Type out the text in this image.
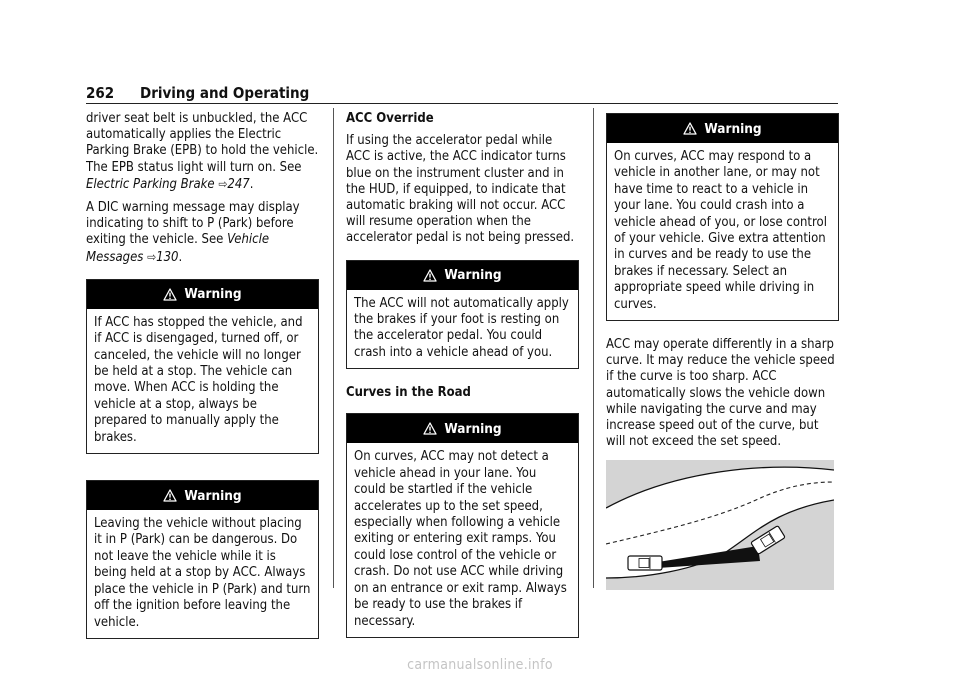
262 Driving and Operating

driver seat belt is unbuckled, the ACC automatically applies the Electric Parking Brake (EPB) to hold the vehicle. The EPB status light will turn on. See Electric Parking Brake ⇨247.

A DIC warning message may display indicating to shift to P (Park) before exiting the vehicle. See Vehicle Messages ⇨130.

Warning
If ACC has stopped the vehicle, and if ACC is disengaged, turned off, or canceled, the vehicle will no longer be held at a stop. The vehicle can move. When ACC is holding the vehicle at a stop, always be prepared to manually apply the brakes.
Warning
Leaving the vehicle without placing it in P (Park) can be dangerous. Do not leave the vehicle while it is being held at a stop by ACC. Always place the vehicle in P (Park) and turn off the ignition before leaving the vehicle.

ACC Override

If using the accelerator pedal while ACC is active, the ACC indicator turns blue on the instrument cluster and in the HUD, if equipped, to indicate that automatic braking will not occur. ACC will resume operation when the accelerator pedal is not being pressed.

Warning
The ACC will not automatically apply the brakes if your foot is resting on the accelerator pedal. You could crash into a vehicle ahead of you.

Curves in the Road

Warning
On curves, ACC may not detect a vehicle ahead in your lane. You could be startled if the vehicle accelerates up to the set speed, especially when following a vehicle exiting or entering exit ramps. You could lose control of the vehicle or crash. Do not use ACC while driving on an entrance or exit ramp. Always be ready to use the brakes if necessary.
Warning
On curves, ACC may respond to a vehicle in another lane, or may not have time to react to a vehicle in your lane. You could crash into a vehicle ahead of you, or lose control of your vehicle. Give extra attention in curves and be ready to use the brakes if necessary. Select an appropriate speed while driving in curves.

ACC may operate differently in a sharp curve. It may reduce the vehicle speed if the curve is too sharp. ACC automatically slows the vehicle down while navigating the curve and may increase speed out of the curve, but will not exceed the set speed.

carmanualsonline.info
